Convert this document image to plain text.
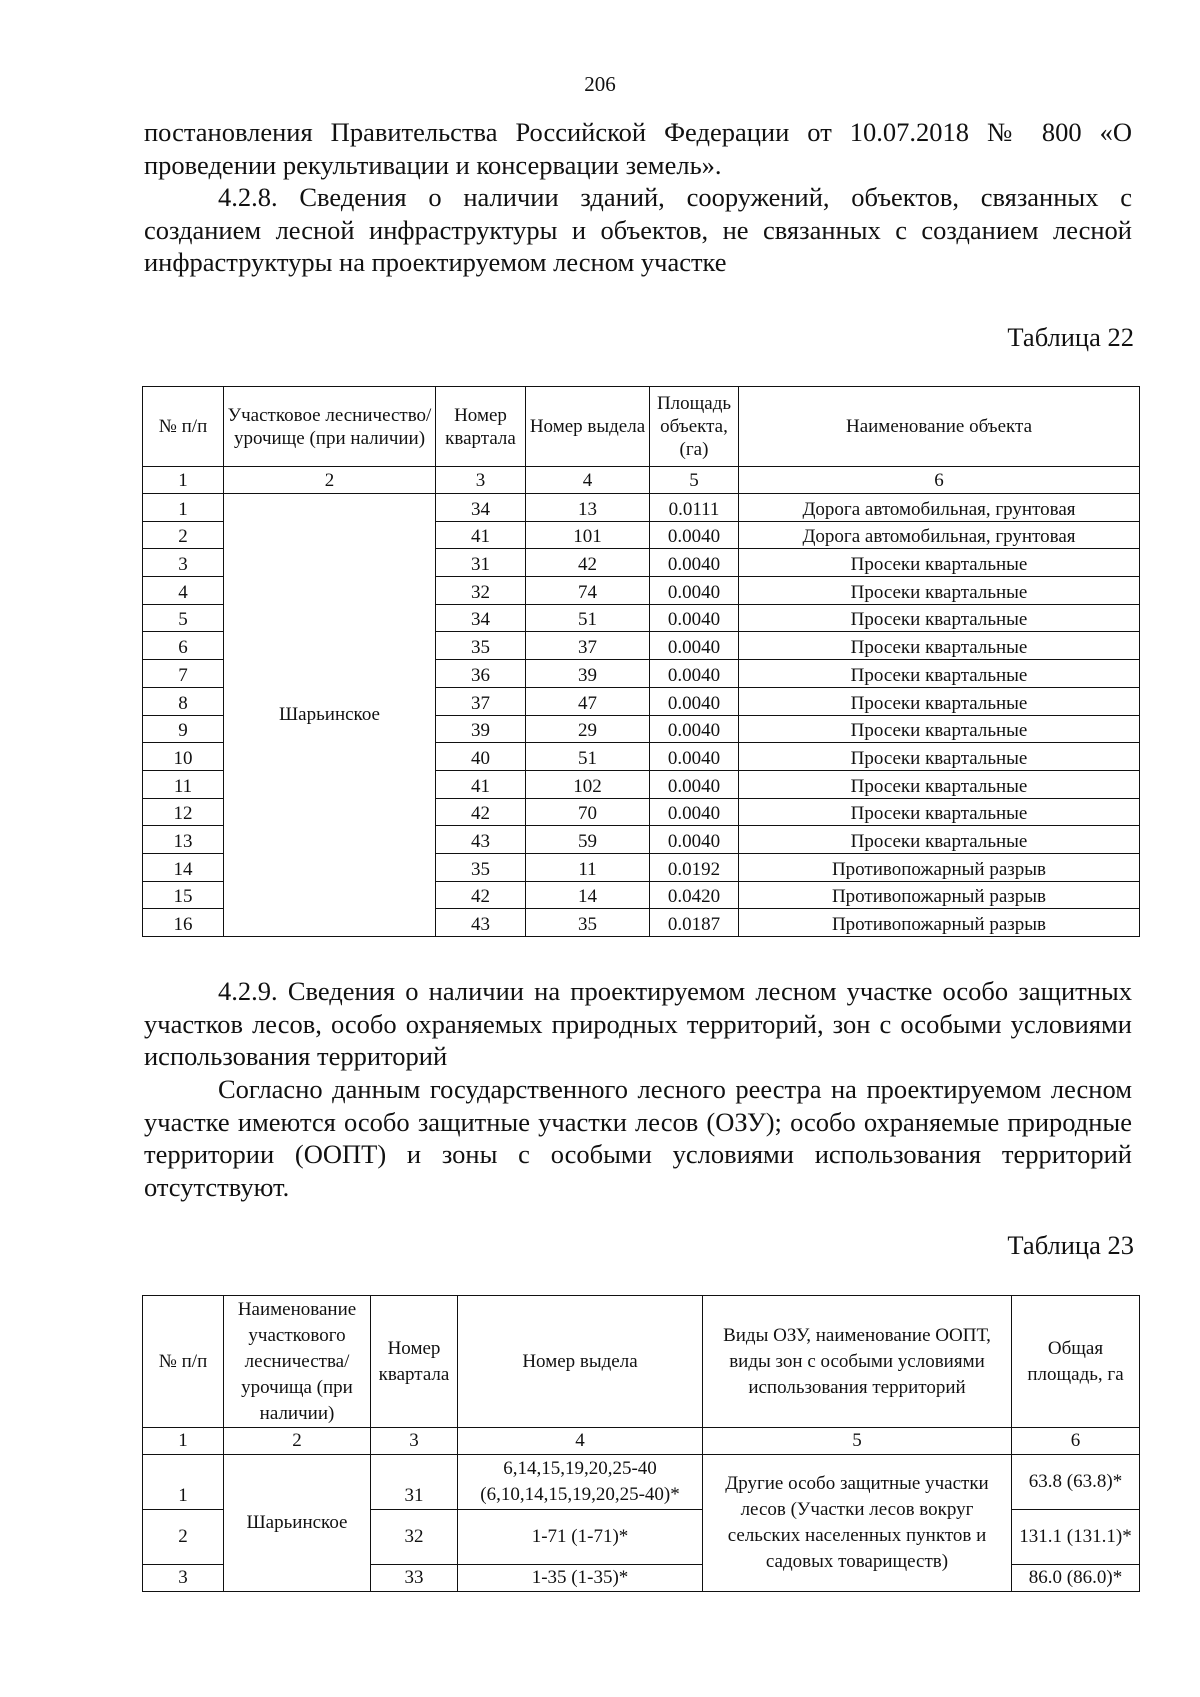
206

постановления Правительства Российской Федерации от 10.07.2018 № 800 «О проведении рекультивации и консервации земель».

4.2.8. Сведения о наличии зданий, сооружений, объектов, связанных с созданием лесной инфраструктуры и объектов, не связанных с созданием лесной инфраструктуры на проектируемом лесном участке

Таблица 22
№ п/п	Участковое лесничество/урочище (при наличии)	Номер квартала	Номер выдела	Площадь объекта, (га)	Наименование объекта
1	2	3	4	5	6
1	Шарьинское	34	13	0.0111	Дорога автомобильная, грунтовая
2		41	101	0.0040	Дорога автомобильная, грунтовая
3		31	42	0.0040	Просеки квартальные
4		32	74	0.0040	Просеки квартальные
5		34	51	0.0040	Просеки квартальные
6		35	37	0.0040	Просеки квартальные
7		36	39	0.0040	Просеки квартальные
8		37	47	0.0040	Просеки квартальные
9		39	29	0.0040	Просеки квартальные
10		40	51	0.0040	Просеки квартальные
11		41	102	0.0040	Просеки квартальные
12		42	70	0.0040	Просеки квартальные
13		43	59	0.0040	Просеки квартальные
14		35	11	0.0192	Противопожарный разрыв
15		42	14	0.0420	Противопожарный разрыв
16		43	35	0.0187	Противопожарный разрыв

4.2.9. Сведения о наличии на проектируемом лесном участке особо защитных участков лесов, особо охраняемых природных территорий, зон с особыми условиями использования территорий

Согласно данным государственного лесного реестра на проектируемом лесном участке имеются особо защитные участки лесов (ОЗУ); особо охраняемые природные территории (ООПТ) и зоны с особыми условиями использования территорий отсутствуют.

Таблица 23
№ п/п	Наименование участкового лесничества/ урочища (при наличии)	Номер квартала	Номер выдела	Виды ОЗУ, наименование ООПТ, виды зон с особыми условиями использования территорий	Общая площадь, га
1	2	3	4	5	6
1	Шарьинское	31	6,14,15,19,20,25-40 (6,10,14,15,19,20,25-40)*	Другие особо защитные участки лесов (Участки лесов вокруг сельских населенных пунктов и садовых товариществ)	63.8 (63.8)*
2		32	1-71 (1-71)*		131.1 (131.1)*
3		33	1-35 (1-35)*		86.0 (86.0)*
